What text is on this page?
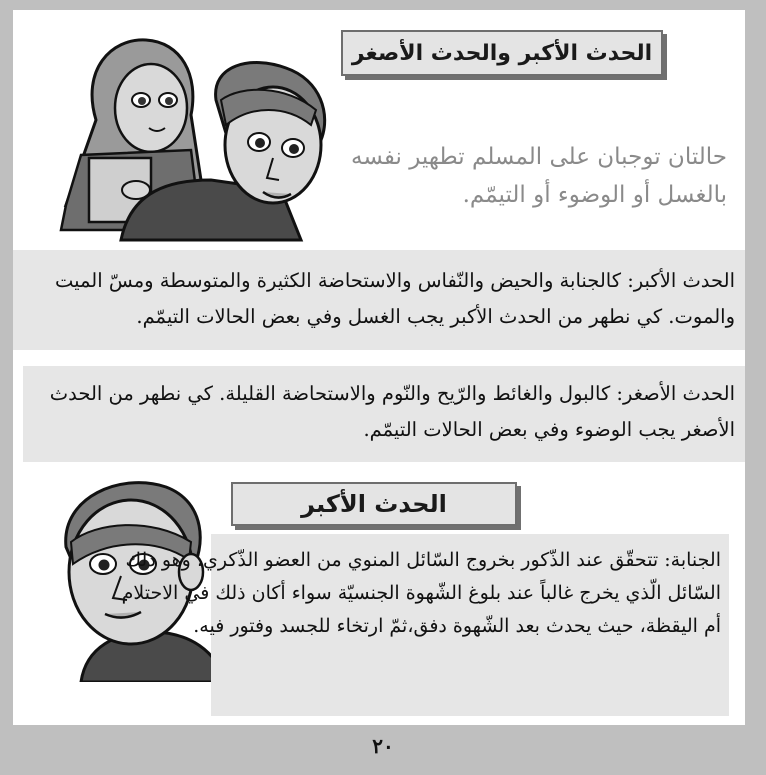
الحدث الأكبر والحدث الأصغر
حالتان توجبان على المسلم تطهير نفسه بالغسل أو الوضوء أو التيمّم.
الحدث الأكبر: كالجنابة والحيض والنّفاس والاستحاضة الكثيرة والمتوسطة ومسّ الميت والموت. كي نطهر من الحدث الأكبر يجب الغسل وفي بعض الحالات التيمّم.
الحدث الأصغر: كالبول والغائط والرّيح والنّوم والاستحاضة القليلة. كي نطهر من الحدث الأصغر يجب الوضوء وفي بعض الحالات التيمّم.
الحدث الأكبر
الجنابة: تتحقّق عند الذّكور بخروج السّائل المنوي من العضو الذّكري، وهو ذلك السّائل الّذي يخرج غالباً عند بلوغ الشّهوة الجنسيّة سواء أكان ذلك في الاحتلام أم اليقظة، حيث يحدث بعد الشّهوة دفق،ثمّ ارتخاء للجسد وفتور فيه.
٢٠
